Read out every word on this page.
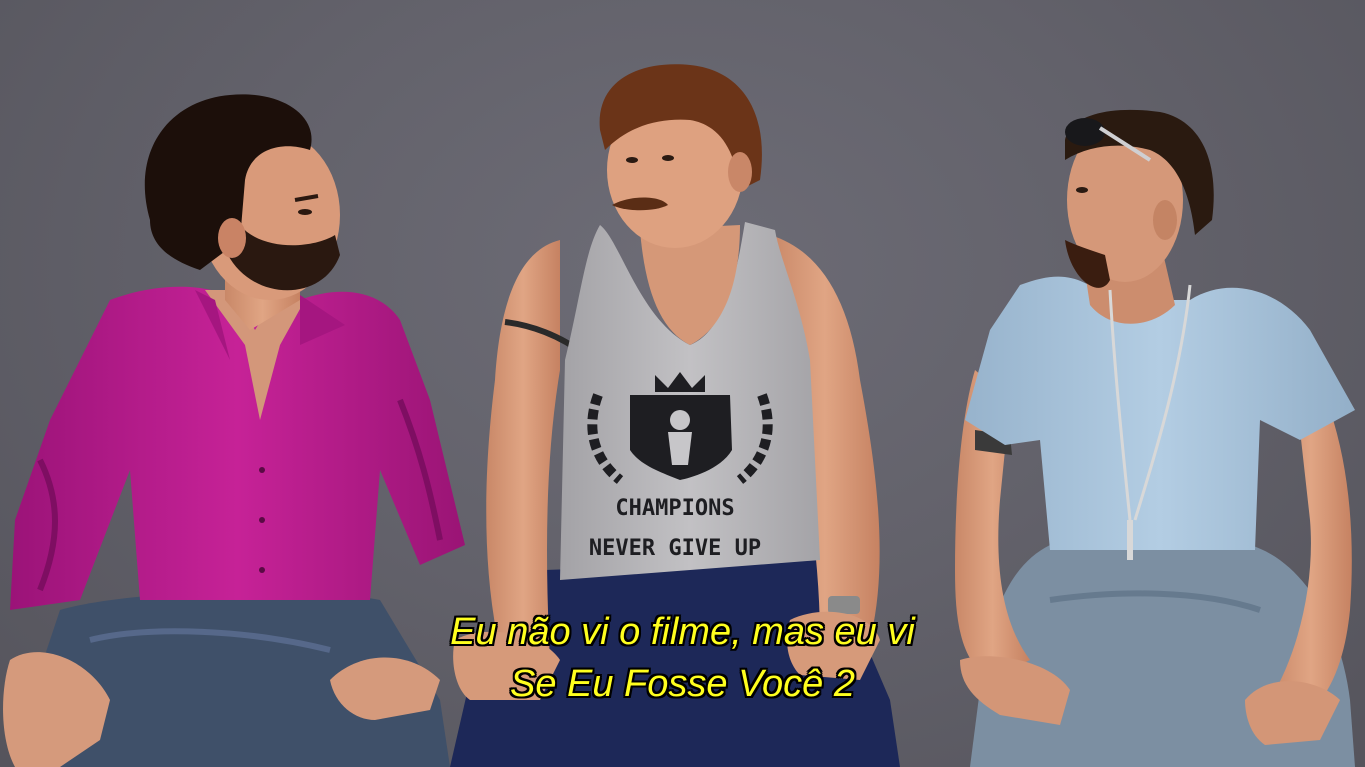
CHAMPIONS
NEVER GIVE UP
Eu não vi o filme, mas eu vi
Se Eu Fosse Você 2
